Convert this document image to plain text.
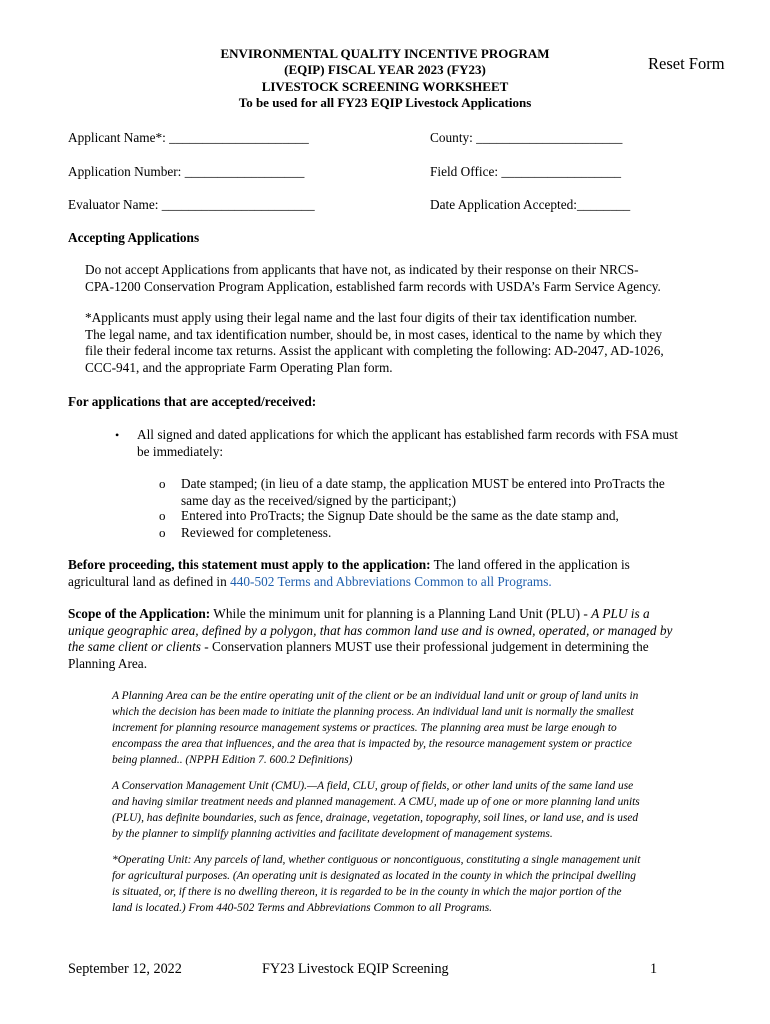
ENVIRONMENTAL QUALITY INCENTIVE PROGRAM
(EQIP) FISCAL YEAR 2023 (FY23)
LIVESTOCK SCREENING WORKSHEET
To be used for all FY23 EQIP Livestock Applications
Reset Form
Applicant Name*: _____________________	County: ______________________
Application Number: __________________	Field Office: __________________
Evaluator Name: _______________________	Date Application Accepted:________
Accepting Applications
Do not accept Applications from applicants that have not, as indicated by their response on their NRCS-
CPA-1200 Conservation Program Application, established farm records with USDA’s Farm Service Agency.
*Applicants must apply using their legal name and the last four digits of their tax identification number.
The legal name, and tax identification number, should be, in most cases, identical to the name by which they
file their federal income tax returns. Assist the applicant with completing the following: AD-2047, AD-1026,
CCC-941, and the appropriate Farm Operating Plan form.
For applications that are accepted/received:
• All signed and dated applications for which the applicant has established farm records with FSA must
be immediately:
o Date stamped; (in lieu of a date stamp, the application MUST be entered into ProTracts the
same day as the received/signed by the participant;)
o Entered into ProTracts; the Signup Date should be the same as the date stamp and,
o Reviewed for completeness.
Before proceeding, this statement must apply to the application: The land offered in the application is
agricultural land as defined in 440-502 Terms and Abbreviations Common to all Programs.
Scope of the Application: While the minimum unit for planning is a Planning Land Unit (PLU) - A PLU is a
unique geographic area, defined by a polygon, that has common land use and is owned, operated, or managed by
the same client or clients - Conservation planners MUST use their professional judgement in determining the
Planning Area.
A Planning Area can be the entire operating unit of the client or be an individual land unit or group of land units in
which the decision has been made to initiate the planning process. An individual land unit is normally the smallest
increment for planning resource management systems or practices. The planning area must be large enough to
encompass the area that influences, and the area that is impacted by, the resource management system or practice
being planned.. (NPPH Edition 7. 600.2 Definitions)
A Conservation Management Unit (CMU).—A field, CLU, group of fields, or other land units of the same land use
and having similar treatment needs and planned management. A CMU, made up of one or more planning land units
(PLU), has definite boundaries, such as fence, drainage, vegetation, topography, soil lines, or land use, and is used
by the planner to simplify planning activities and facilitate development of management systems.
*Operating Unit: Any parcels of land, whether contiguous or noncontiguous, constituting a single management unit
for agricultural purposes. (An operating unit is designated as located in the county in which the principal dwelling
is situated, or, if there is no dwelling thereon, it is regarded to be in the county in which the major portion of the
land is located.) From 440-502 Terms and Abbreviations Common to all Programs.
September 12, 2022	FY23 Livestock EQIP Screening	1
